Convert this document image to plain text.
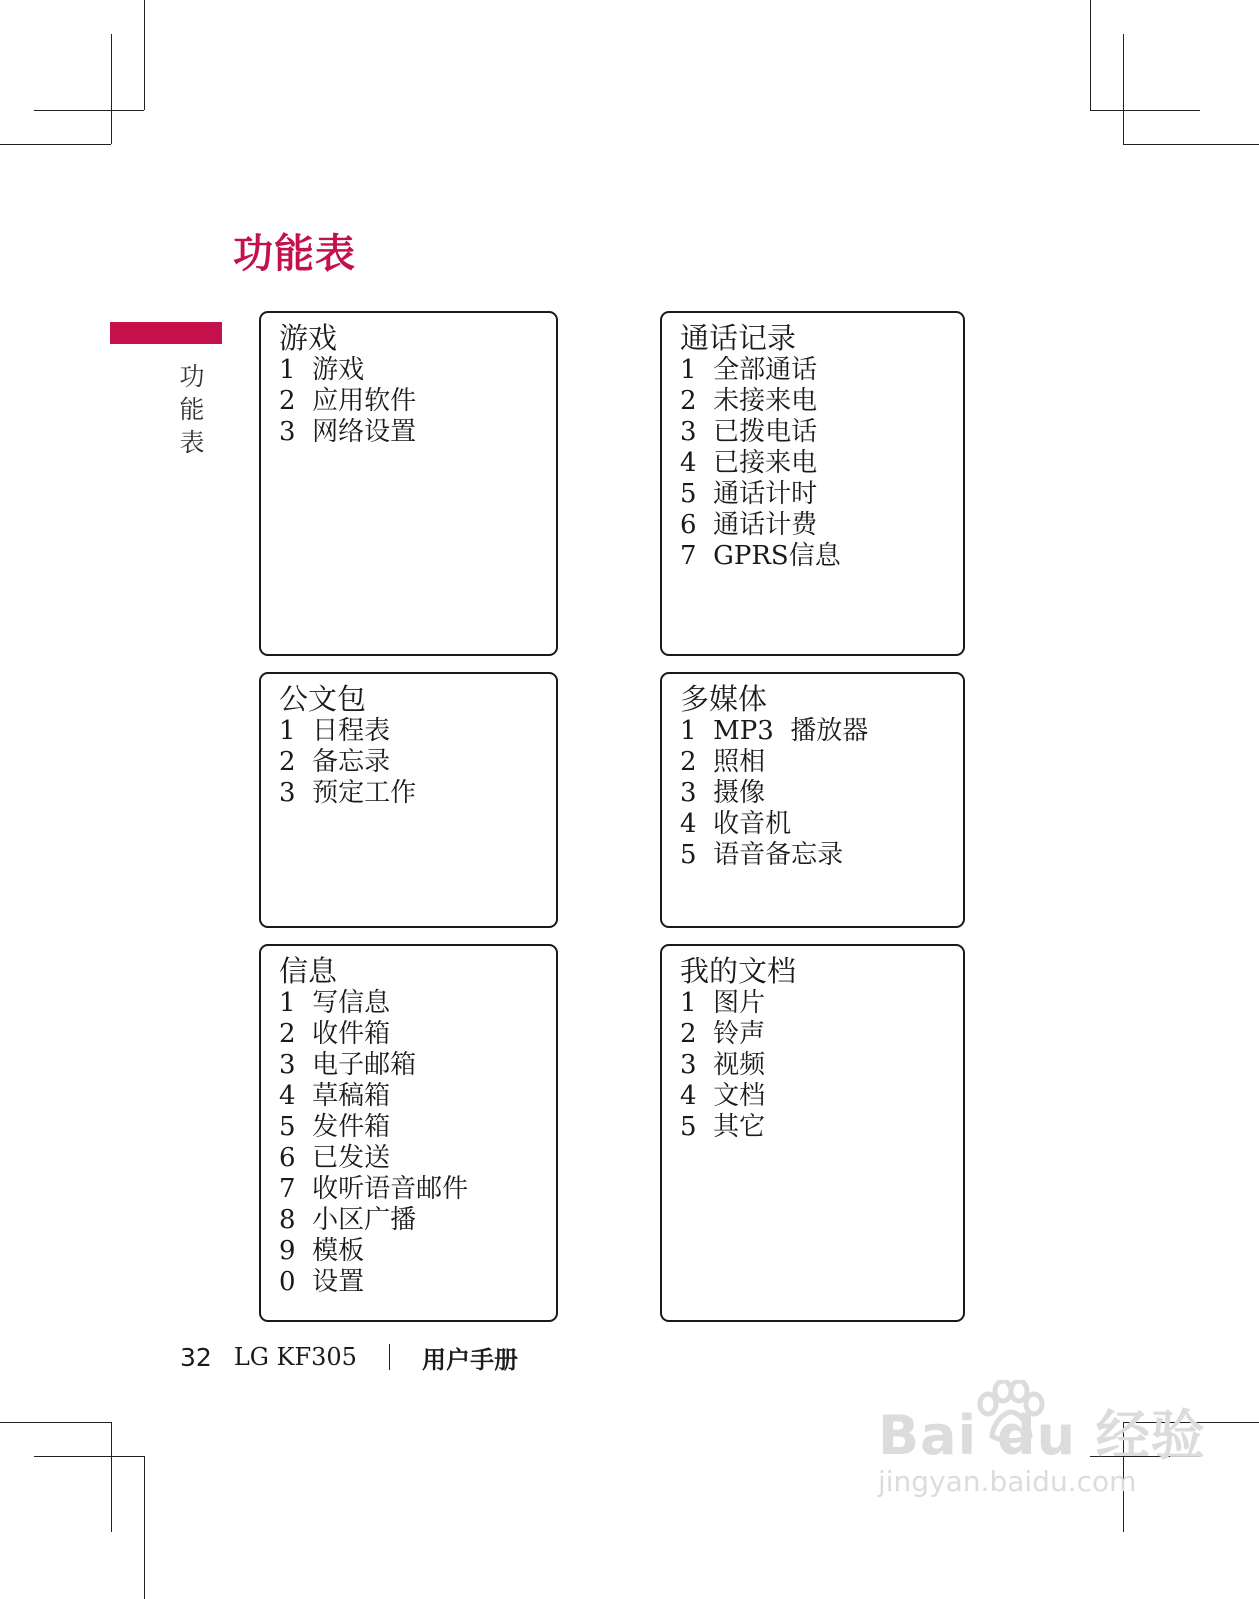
功能表
功
能
表
游戏
1  游戏
2  应用软件
3  网络设置
通话记录
1  全部通话
2  未接来电
3  已拨电话
4  已接来电
5  通话计时
6  通话计费
7  GPRS信息
公文包
1  日程表
2  备忘录
3  预定工作
多媒体
1  MP3  播放器
2  照相
3  摄像
4  收音机
5  语音备忘录
信息
1  写信息
2  收件箱
3  电子邮箱
4  草稿箱
5  发件箱
6  已发送
7  收听语音邮件
8  小区广播
9  模板
0  设置
我的文档
1  图片
2  铃声
3  视频
4  文档
5  其它
32 LG KF305	用户手册
Bai du 经验
jingyan.baidu.com
